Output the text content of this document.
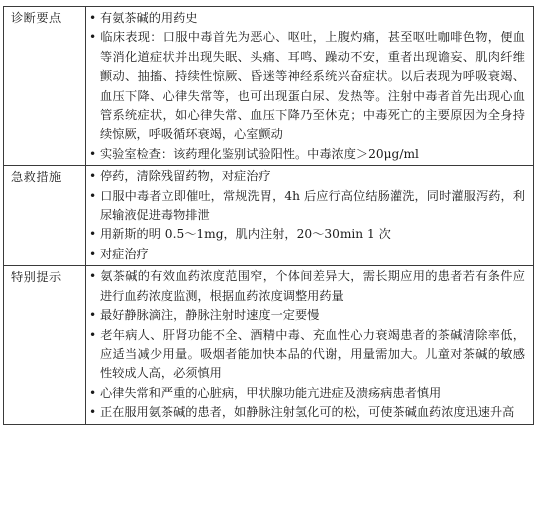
诊断要点	• 有氨茶碱的用药史
• 临床表现：口服中毒首先为恶心、呕吐，上腹灼痛，甚至呕吐咖啡色物，便血等消化道症状并出现失眠、头痛、耳鸣、躁动不安，重者出现谵妄、肌肉纤维颤动、抽搐、持续性惊厥、昏迷等神经系统兴奋症状。以后表现为呼吸衰竭、血压下降、心律失常等，也可出现蛋白尿、发热等。注射中毒者首先出现心血管系统症状，如心律失常、血压下降乃至休克；中毒死亡的主要原因为全身持续惊厥，呼吸循环衰竭，心室颤动
• 实验室检查：该药理化鉴别试验阳性。中毒浓度＞20μg/ml

急救措施	• 停药，清除残留药物，对症治疗
• 口服中毒者立即催吐，常规洗胃，4h 后应行高位结肠灌洗，同时灌服泻药，利尿输液促进毒物排泄
• 用新斯的明 0.5～1mg，肌内注射，20～30min 1 次
• 对症治疗

特别提示	• 氨茶碱的有效血药浓度范围窄，个体间差异大，需长期应用的患者若有条件应进行血药浓度监测，根据血药浓度调整用药量
• 最好静脉滴注，静脉注射时速度一定要慢
• 老年病人、肝肾功能不全、酒精中毒、充血性心力衰竭患者的茶碱清除率低，应适当减少用量。吸烟者能加快本品的代谢，用量需加大。儿童对茶碱的敏感性较成人高，必须慎用
• 心律失常和严重的心脏病，甲状腺功能亢进症及溃疡病患者慎用
• 正在服用氨茶碱的患者，如静脉注射氢化可的松，可使茶碱血药浓度迅速升高
